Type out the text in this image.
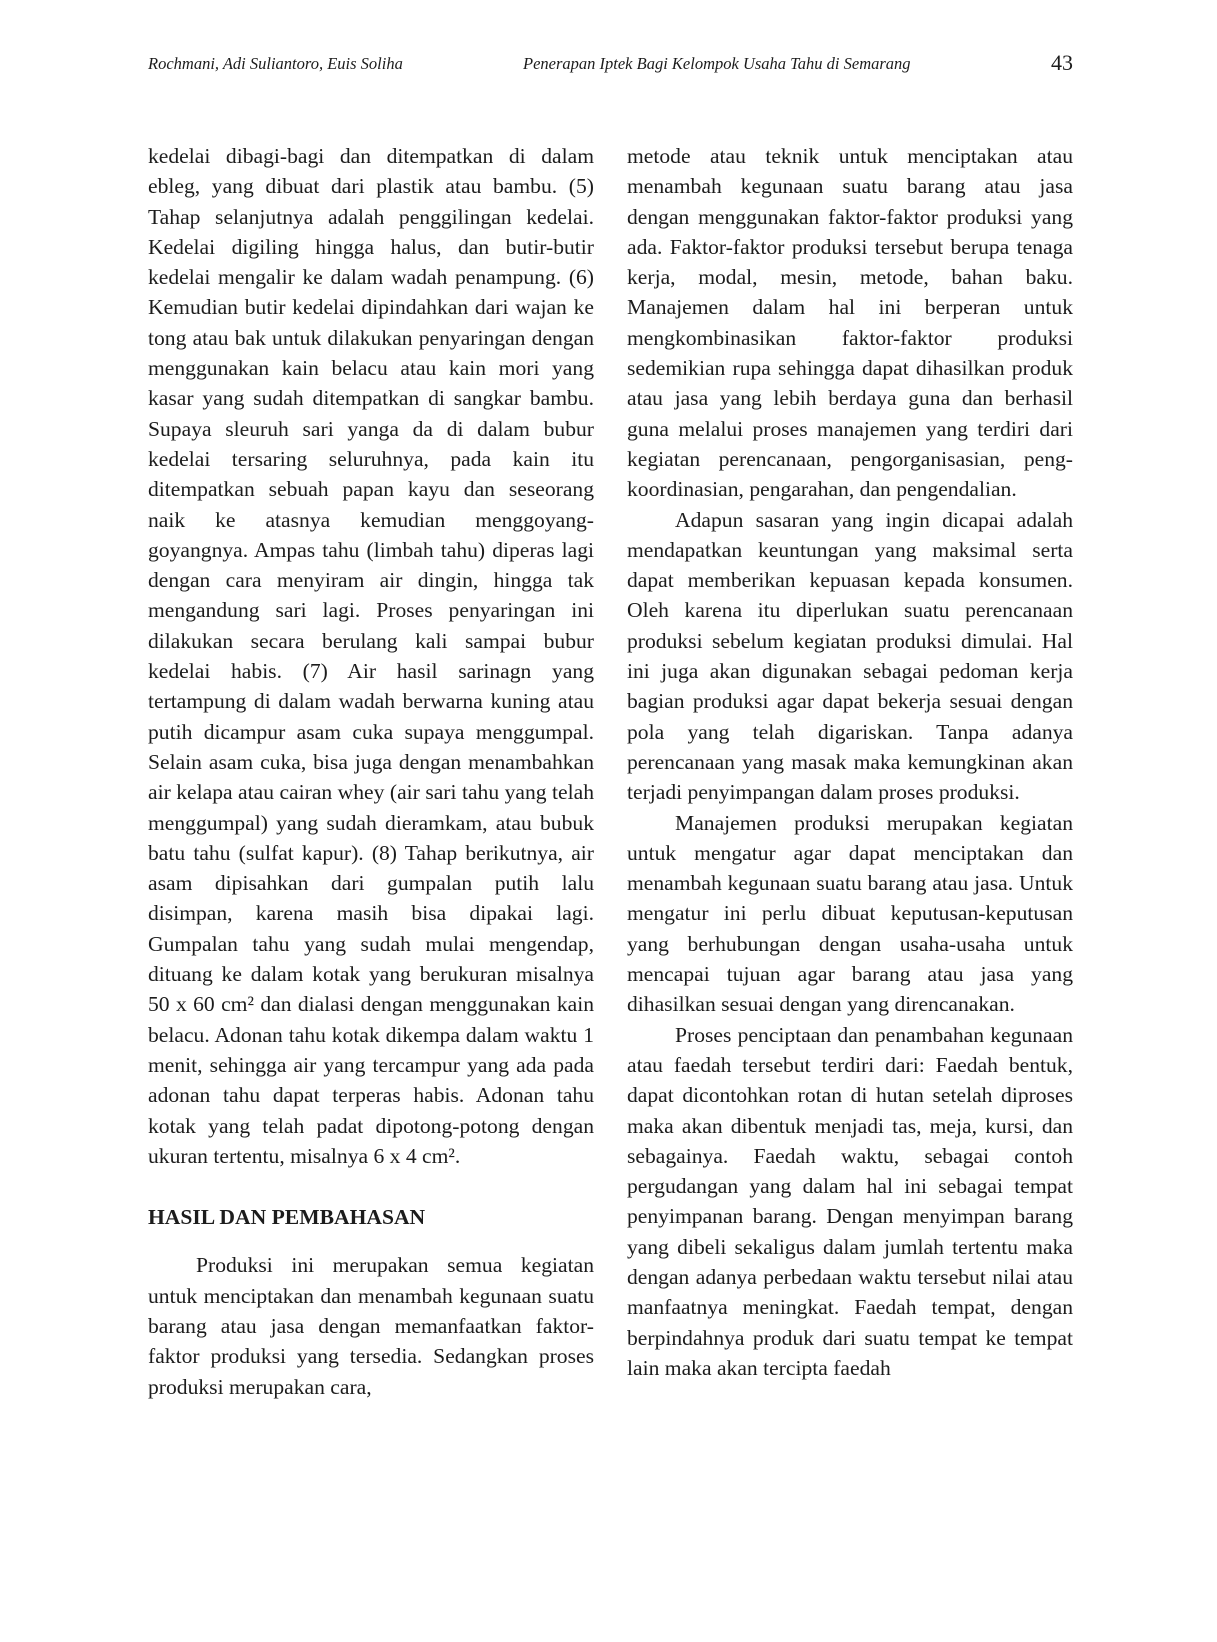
Rochmani, Adi Suliantoro, Euis Soliha	Penerapan Iptek Bagi Kelompok Usaha Tahu di Semarang	43

kedelai dibagi-bagi dan ditempatkan di dalam ebleg, yang dibuat dari plastik atau bambu. (5) Tahap selanjutnya adalah penggilingan kedelai. Kedelai digiling hingga halus, dan butir-butir kedelai mengalir ke dalam wadah penampung. (6) Kemudian butir kedelai dipindahkan dari wajan ke tong atau bak untuk dilakukan penyaringan dengan menggunakan kain belacu atau kain mori yang kasar yang sudah ditempatkan di sangkar bambu. Supaya sleuruh sari yanga da di dalam bubur kedelai tersaring seluruhnya, pada kain itu ditempatkan sebuah papan kayu dan seseorang naik ke atasnya kemudian menggoyang-goyangnya. Ampas tahu (limbah tahu) diperas lagi dengan cara menyiram air dingin, hingga tak mengandung sari lagi. Proses penyaringan ini dilakukan secara berulang kali sampai bubur kedelai habis. (7) Air hasil sarinagn yang tertampung di dalam wadah berwarna kuning atau putih dicampur asam cuka supaya menggumpal. Selain asam cuka, bisa juga dengan menambahkan air kelapa atau cairan whey (air sari tahu yang telah menggumpal) yang sudah dieramkam, atau bubuk batu tahu (sulfat kapur). (8) Tahap berikutnya, air asam dipisahkan dari gumpalan putih lalu disimpan, karena masih bisa dipakai lagi. Gumpalan tahu yang sudah mulai mengendap, dituang ke dalam kotak yang berukuran misalnya 50 x 60 cm² dan dialasi dengan menggunakan kain belacu. Adonan tahu kotak dikempa dalam waktu 1 menit, sehingga air yang tercampur yang ada pada adonan tahu dapat terperas habis. Adonan tahu kotak yang telah padat dipotong-potong dengan ukuran tertentu, misalnya 6 x 4 cm².

HASIL DAN PEMBAHASAN

Produksi ini merupakan semua kegiatan untuk menciptakan dan menambah kegunaan suatu barang atau jasa dengan memanfaatkan faktor-faktor produksi yang tersedia. Sedangkan proses produksi merupakan cara,

metode atau teknik untuk menciptakan atau menambah kegunaan suatu barang atau jasa dengan menggunakan faktor-faktor produksi yang ada. Faktor-faktor produksi tersebut berupa tenaga kerja, modal, mesin, metode, bahan baku. Manajemen dalam hal ini berperan untuk mengkombinasikan faktor-faktor produksi sedemikian rupa sehingga dapat dihasilkan produk atau jasa yang lebih berdaya guna dan berhasil guna melalui proses manajemen yang terdiri dari kegiatan perencanaan, pengorganisasian, peng-koordinasian, pengarahan, dan pengendalian.

Adapun sasaran yang ingin dicapai adalah mendapatkan keuntungan yang maksimal serta dapat memberikan kepuasan kepada konsumen. Oleh karena itu diperlukan suatu perencanaan produksi sebelum kegiatan produksi dimulai. Hal ini juga akan digunakan sebagai pedoman kerja bagian produksi agar dapat bekerja sesuai dengan pola yang telah digariskan. Tanpa adanya perencanaan yang masak maka kemungkinan akan terjadi penyimpangan dalam proses produksi.

Manajemen produksi merupakan kegiatan untuk mengatur agar dapat menciptakan dan menambah kegunaan suatu barang atau jasa. Untuk mengatur ini perlu dibuat keputusan-keputusan yang berhubungan dengan usaha-usaha untuk mencapai tujuan agar barang atau jasa yang dihasilkan sesuai dengan yang direncanakan.

Proses penciptaan dan penambahan kegunaan atau faedah tersebut terdiri dari: Faedah bentuk, dapat dicontohkan rotan di hutan setelah diproses maka akan dibentuk menjadi tas, meja, kursi, dan sebagainya. Faedah waktu, sebagai contoh pergudangan yang dalam hal ini sebagai tempat penyimpanan barang. Dengan menyimpan barang yang dibeli sekaligus dalam jumlah tertentu maka dengan adanya perbedaan waktu tersebut nilai atau manfaatnya meningkat. Faedah tempat, dengan berpindahnya produk dari suatu tempat ke tempat lain maka akan tercipta faedah
